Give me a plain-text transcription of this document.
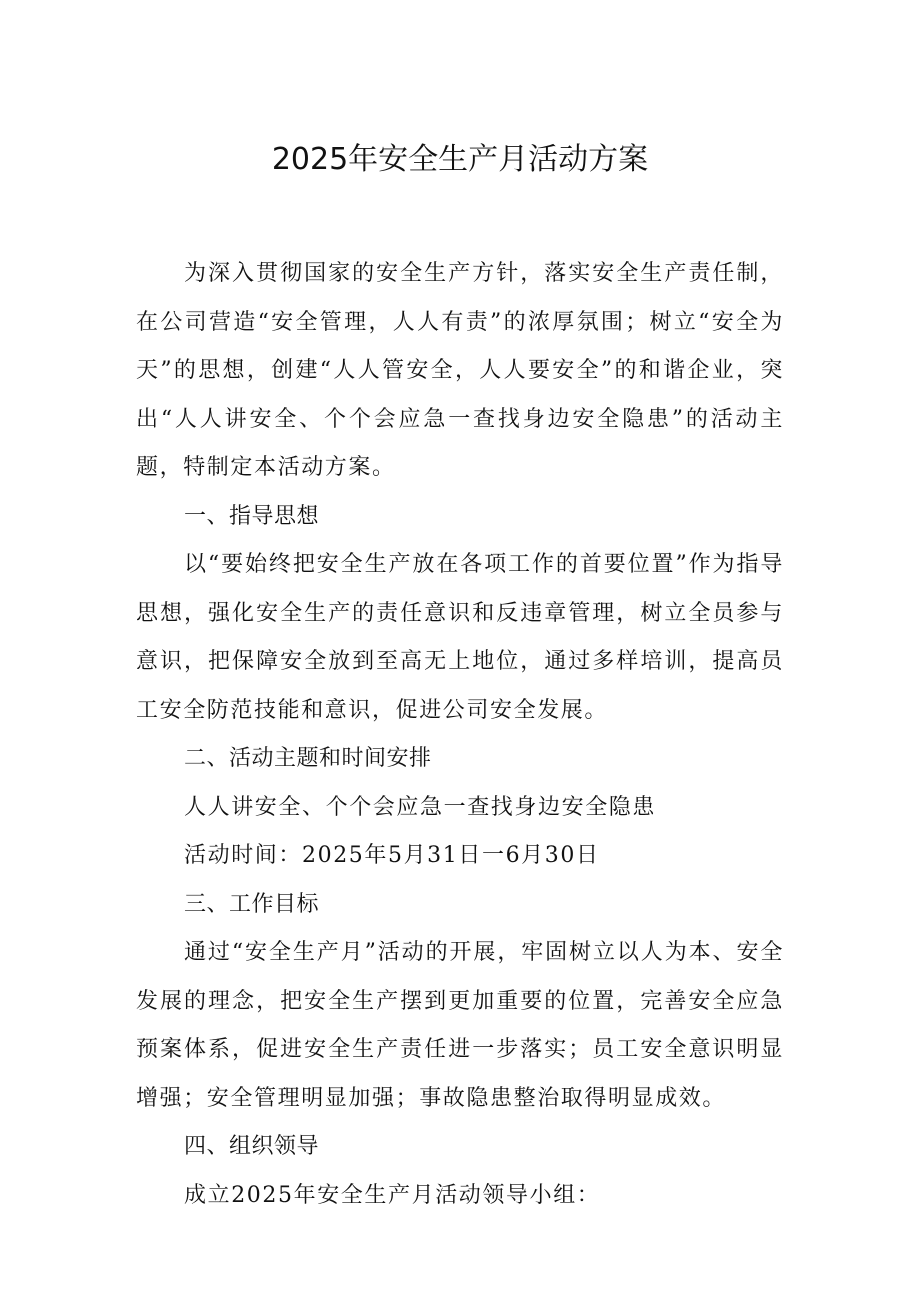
2025年安全生产月活动方案

为深入贯彻国家的安全生产方针，落实安全生产责任制，在公司营造“安全管理，人人有责”的浓厚氛围；树立“安全为天”的思想，创建“人人管安全，人人要安全”的和谐企业，突出“人人讲安全、个个会应急一查找身边安全隐患”的活动主题，特制定本活动方案。

一、指导思想

以“要始终把安全生产放在各项工作的首要位置”作为指导思想，强化安全生产的责任意识和反违章管理，树立全员参与意识，把保障安全放到至高无上地位，通过多样培训，提高员工安全防范技能和意识，促进公司安全发展。

二、活动主题和时间安排

人人讲安全、个个会应急一查找身边安全隐患

活动时间：2025年5月31日一6月30日

三、工作目标

通过“安全生产月”活动的开展，牢固树立以人为本、安全发展的理念，把安全生产摆到更加重要的位置，完善安全应急预案体系，促进安全生产责任进一步落实；员工安全意识明显增强；安全管理明显加强；事故隐患整治取得明显成效。

四、组织领导

成立2025年安全生产月活动领导小组：
